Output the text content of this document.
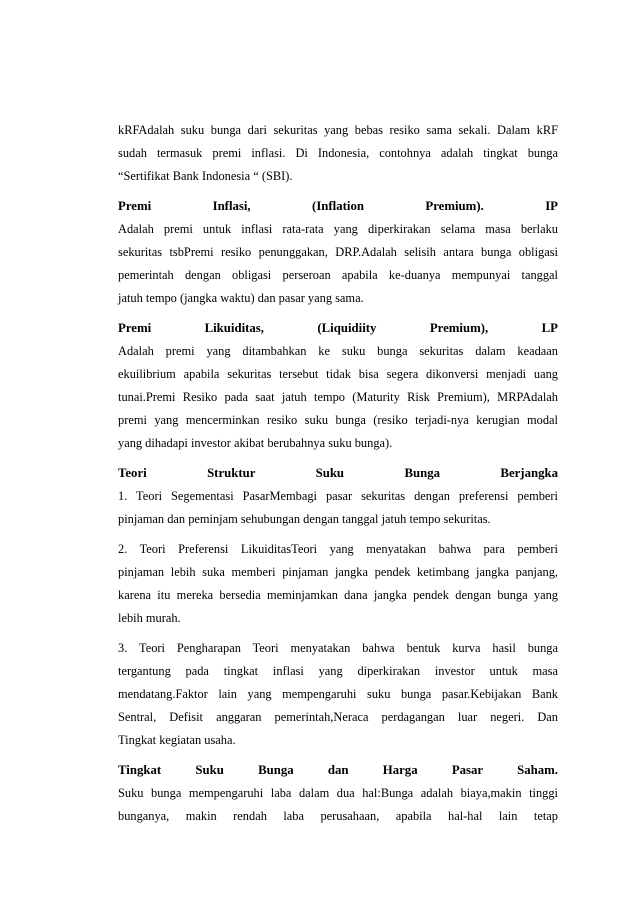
kRFAdalah suku bunga dari sekuritas yang bebas resiko sama sekali. Dalam kRF
sudah termasuk premi inflasi. Di Indonesia, contohnya adalah tingkat bunga
“Sertifikat Bank Indonesia “ (SBI).
Premi Inflasi, (Inflation Premium). IP
Adalah premi untuk inflasi rata-rata yang diperkirakan selama masa berlaku
sekuritas tsbPremi resiko penunggakan, DRP.Adalah selisih antara bunga obligasi
pemerintah dengan obligasi perseroan apabila ke-duanya mempunyai tanggal
jatuh tempo (jangka waktu) dan pasar yang sama.
Premi Likuiditas, (Liquidiity Premium), LP
Adalah premi yang ditambahkan ke suku bunga sekuritas dalam keadaan
ekuilibrium apabila sekuritas tersebut tidak bisa segera dikonversi menjadi uang
tunai.Premi Resiko pada saat jatuh tempo (Maturity Risk Premium), MRPAdalah
premi yang mencerminkan resiko suku bunga (resiko terjadi-nya kerugian modal
yang dihadapi investor akibat berubahnya suku bunga).
Teori Struktur Suku Bunga Berjangka
1. Teori Segementasi PasarMembagi pasar sekuritas dengan preferensi pemberi
pinjaman dan peminjam sehubungan dengan tanggal jatuh tempo sekuritas.
2. Teori Preferensi LikuiditasTeori yang menyatakan bahwa para pemberi
pinjaman lebih suka memberi pinjaman jangka pendek ketimbang jangka panjang,
karena itu mereka bersedia meminjamkan dana jangka pendek dengan bunga yang
lebih murah.
3. Teori Pengharapan Teori menyatakan bahwa bentuk kurva hasil bunga
tergantung pada tingkat inflasi yang diperkirakan investor untuk masa
mendatang.Faktor lain yang mempengaruhi suku bunga pasar.Kebijakan Bank
Sentral, Defisit anggaran pemerintah,Neraca perdagangan luar negeri. Dan
Tingkat kegiatan usaha.
Tingkat Suku Bunga dan Harga Pasar Saham.
Suku bunga mempengaruhi laba dalam dua hal:Bunga adalah biaya,makin tinggi
bunganya, makin rendah laba perusahaan, apabila hal-hal lain tetap
